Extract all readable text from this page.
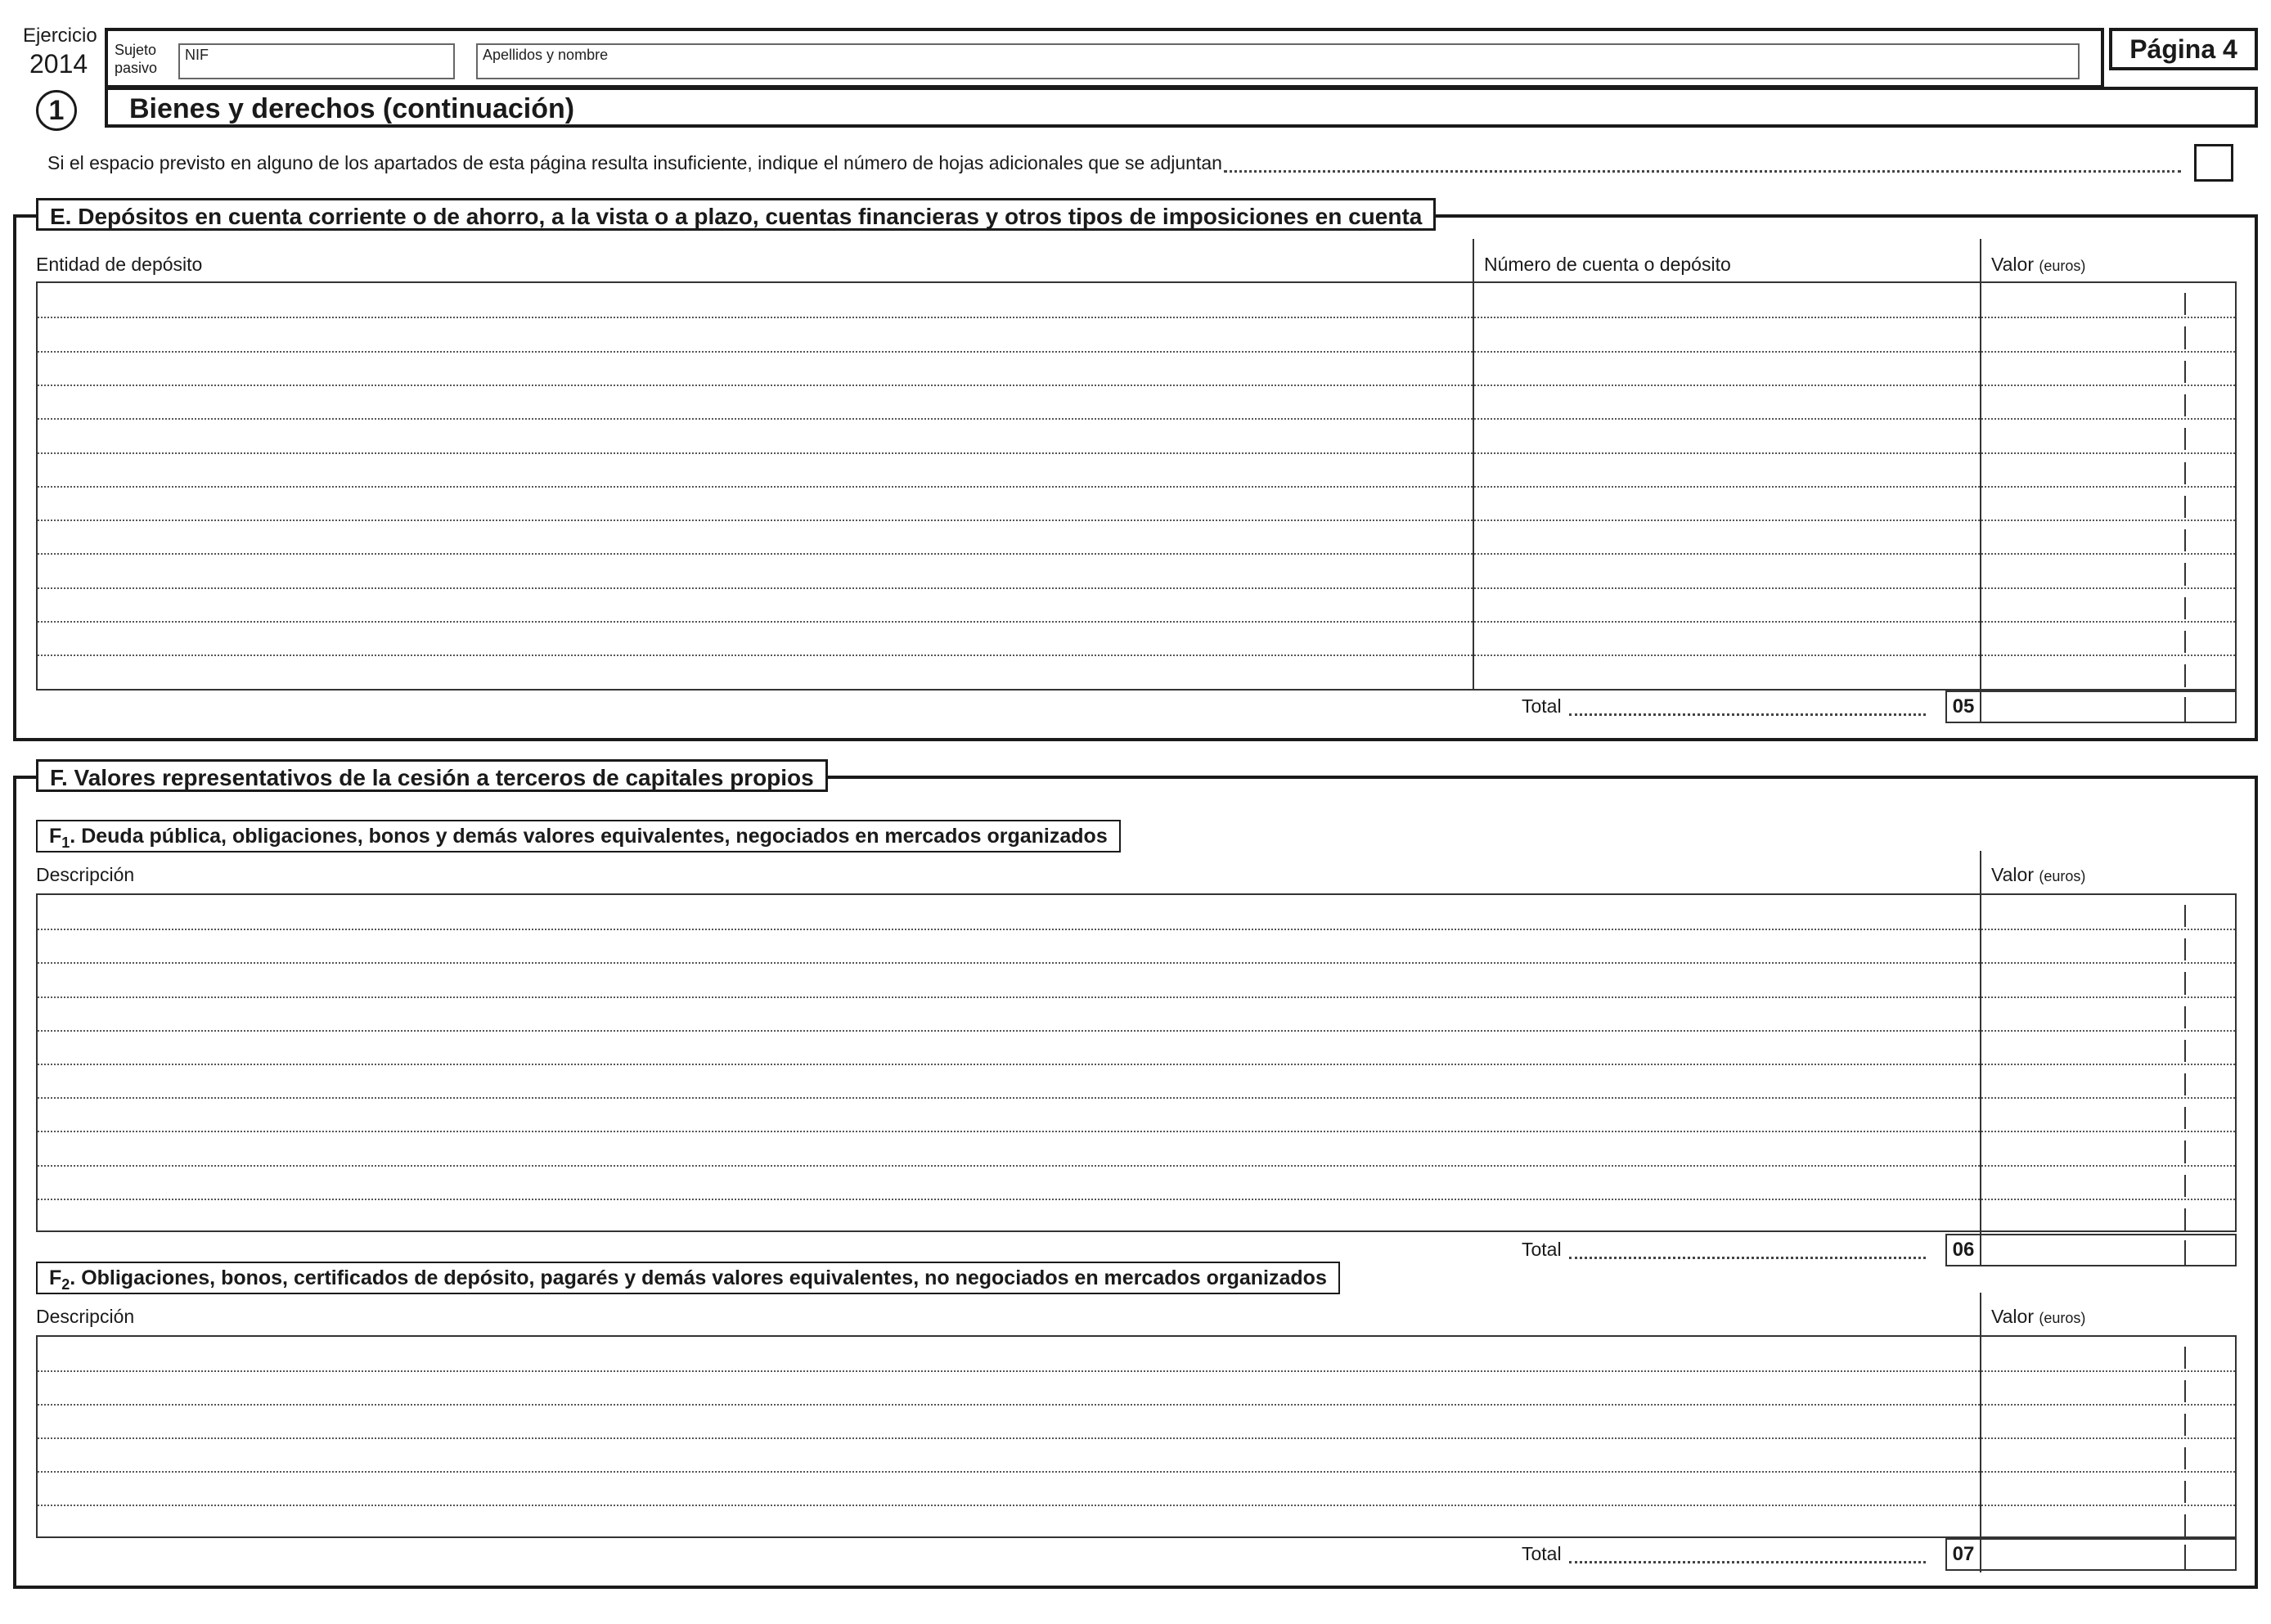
Ejercicio
2014 Sujeto
pasivo
NIF	Apellidos y nombre	Página 4
1	Bienes y derechos (continuación)
Si el espacio previsto en alguno de los apartados de esta página resulta insuficiente, indique el número de hojas adicionales que se adjuntan
E. Depósitos en cuenta corriente o de ahorro, a la vista o a plazo, cuentas financieras y otros tipos de imposiciones en cuenta
Entidad de depósito	Número de cuenta o depósito	Valor (euros)
Total	05
F. Valores representativos de la cesión a terceros de capitales propios
$F_1$. Deuda pública, obligaciones, bonos y demás valores equivalentes, negociados en mercados organizados
Descripción	Valor (euros)
Total	06
$F_2$. Obligaciones, bonos, certificados de depósito, pagarés y demás valores equivalentes, no negociados en mercados organizados
Descripción	Valor (euros)
Total	07
